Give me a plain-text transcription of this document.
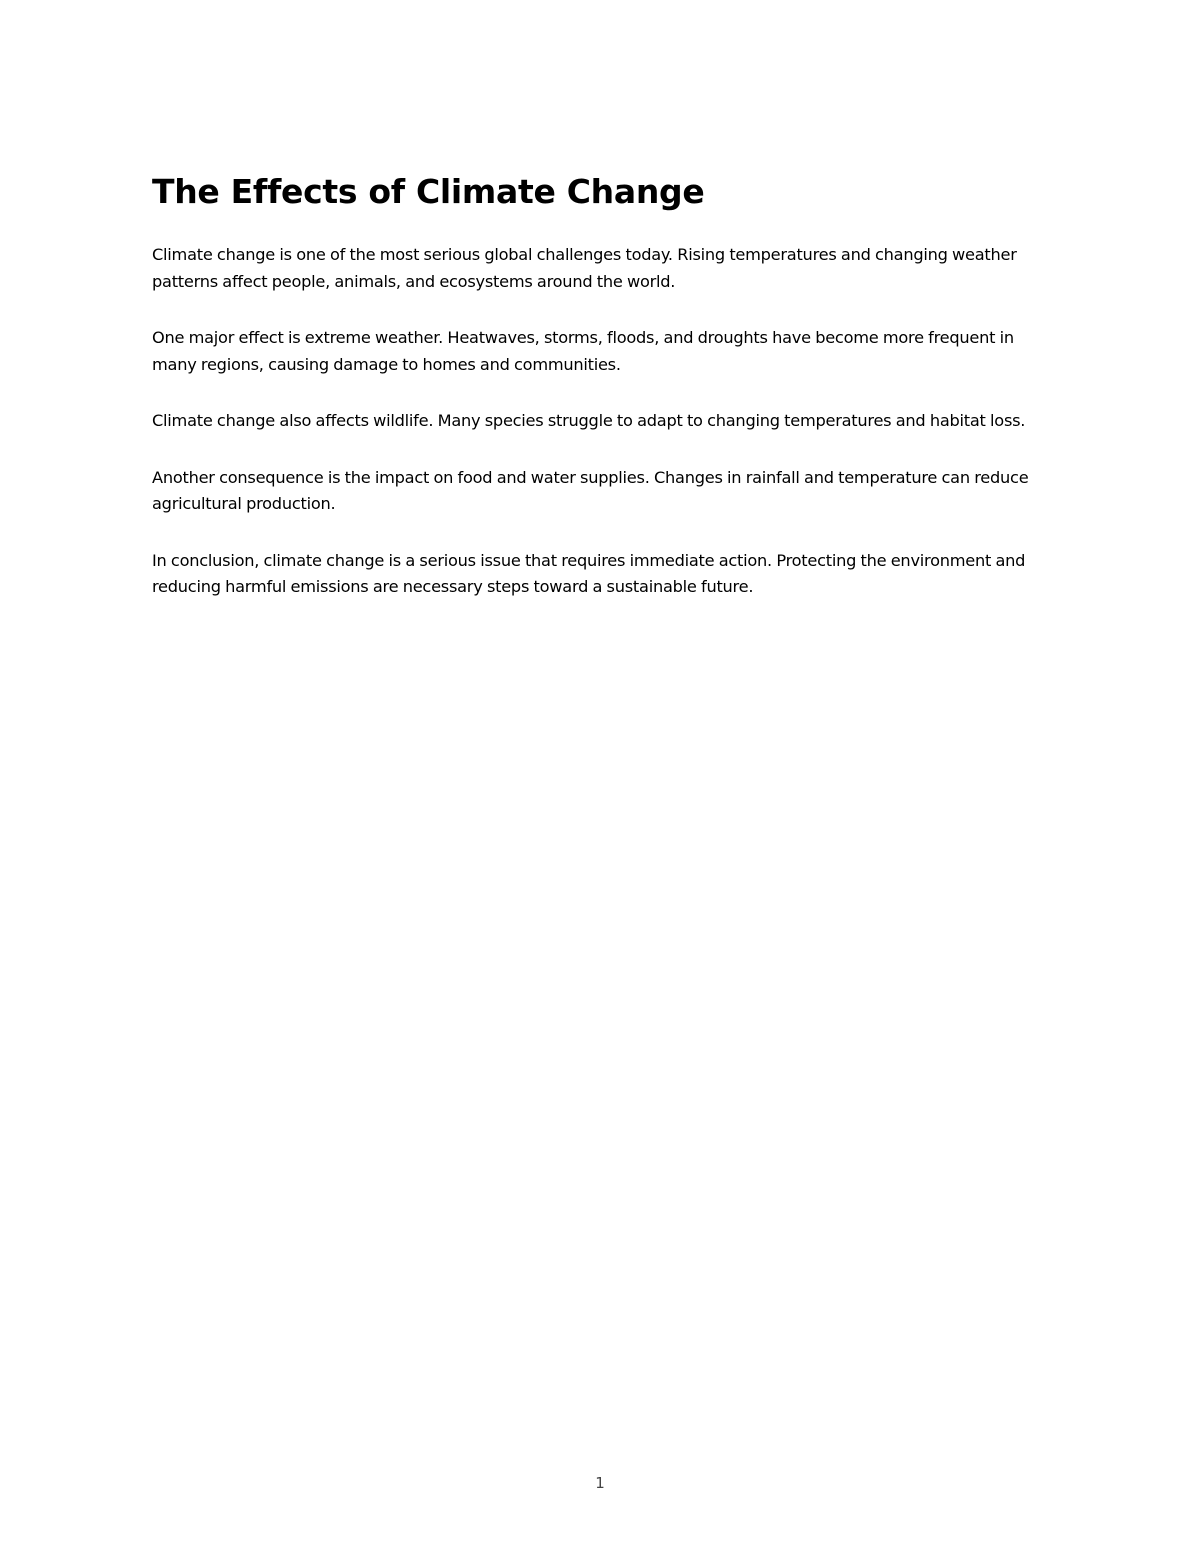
The Effects of Climate Change

Climate change is one of the most serious global challenges today. Rising temperatures and changing weather patterns affect people, animals, and ecosystems around the world.

One major effect is extreme weather. Heatwaves, storms, floods, and droughts have become more frequent in many regions, causing damage to homes and communities.

Climate change also affects wildlife. Many species struggle to adapt to changing temperatures and habitat loss.

Another consequence is the impact on food and water supplies. Changes in rainfall and temperature can reduce agricultural production.

In conclusion, climate change is a serious issue that requires immediate action. Protecting the environment and reducing harmful emissions are necessary steps toward a sustainable future.

1
